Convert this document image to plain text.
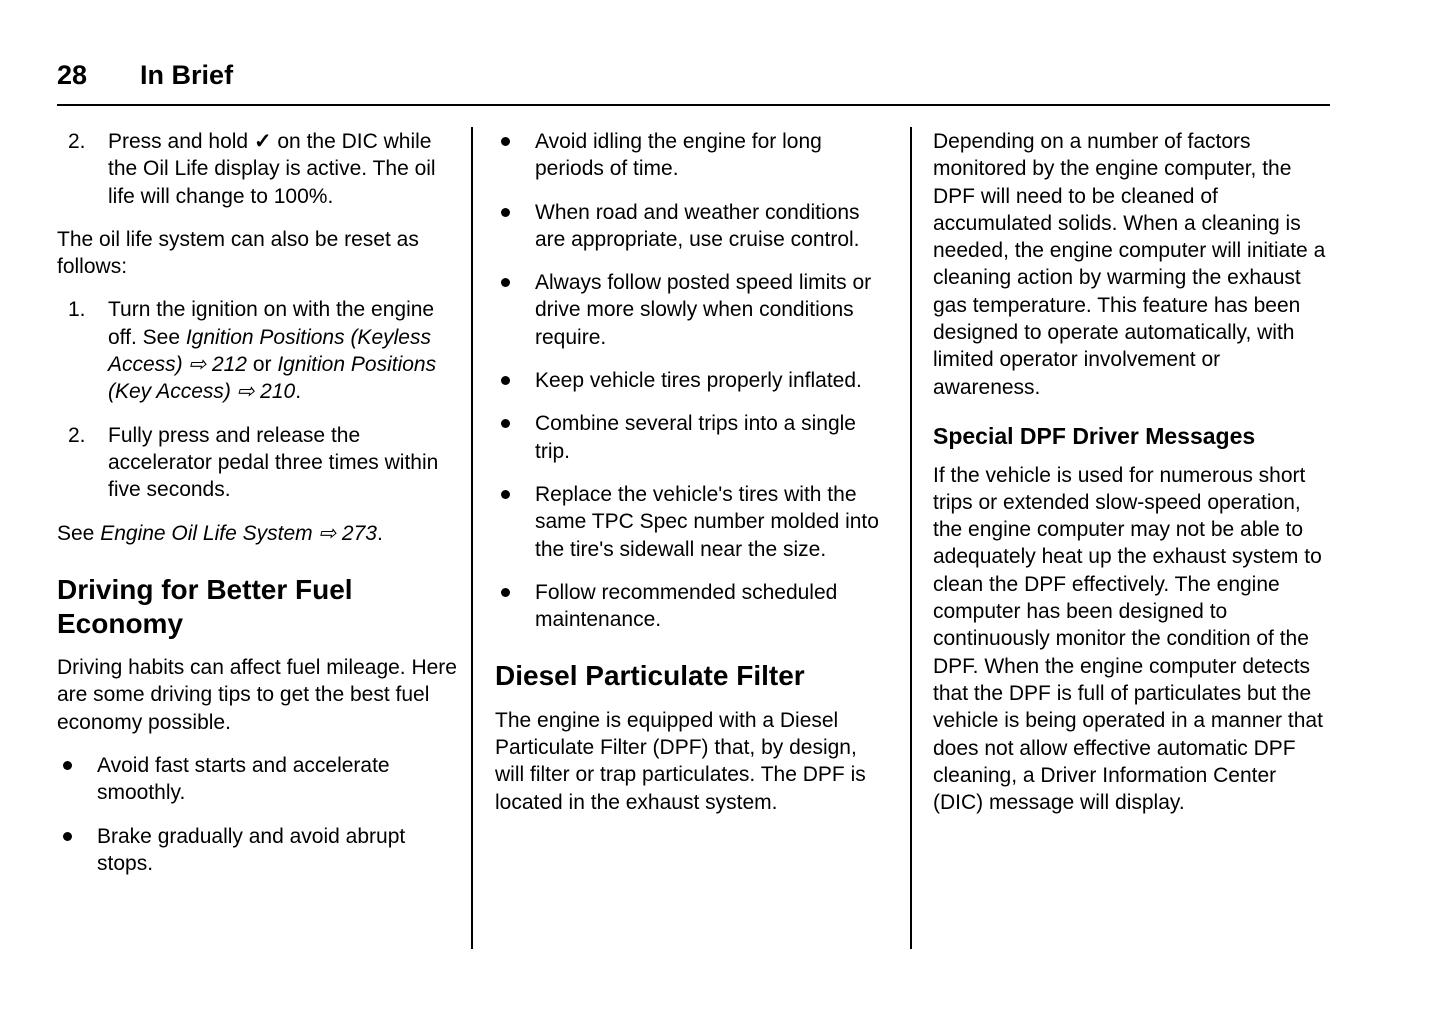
28 In Brief
2. Press and hold ✓ on the DIC while the Oil Life display is active. The oil life will change to 100%.

The oil life system can also be reset as follows:

1. Turn the ignition on with the engine off. See Ignition Positions (Keyless Access) ⇨ 212 or Ignition Positions (Key Access) ⇨ 210.
2. Fully press and release the accelerator pedal three times within five seconds.

See Engine Oil Life System ⇨ 273.

Driving for Better Fuel Economy

Driving habits can affect fuel mileage. Here are some driving tips to get the best fuel economy possible.

Avoid fast starts and accelerate smoothly.
Brake gradually and avoid abrupt stops.
Avoid idling the engine for long periods of time.
When road and weather conditions are appropriate, use cruise control.
Always follow posted speed limits or drive more slowly when conditions require.
Keep vehicle tires properly inflated.
Combine several trips into a single trip.
Replace the vehicle's tires with the same TPC Spec number molded into the tire's sidewall near the size.
Follow recommended scheduled maintenance.
Diesel Particulate Filter

The engine is equipped with a Diesel Particulate Filter (DPF) that, by design, will filter or trap particulates. The DPF is located in the exhaust system.

Depending on a number of factors monitored by the engine computer, the DPF will need to be cleaned of accumulated solids. When a cleaning is needed, the engine computer will initiate a cleaning action by warming the exhaust gas temperature. This feature has been designed to operate automatically, with limited operator involvement or awareness.

Special DPF Driver Messages

If the vehicle is used for numerous short trips or extended slow-speed operation, the engine computer may not be able to adequately heat up the exhaust system to clean the DPF effectively. The engine computer has been designed to continuously monitor the condition of the DPF. When the engine computer detects that the DPF is full of particulates but the vehicle is being operated in a manner that does not allow effective automatic DPF cleaning, a Driver Information Center (DIC) message will display.
